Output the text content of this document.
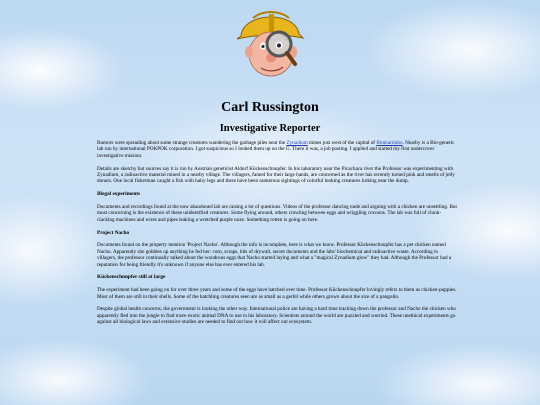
Carl Russington
Investigative Reporter

Rumors were spreading about some strange creatures wandering the garbage piles near the Zynadium mines just west of the capital of Bimbarimbo. Nearby is a Bio-genetic lab run by international POKPOK corporation. I got suspicious so I looked them up on the G. There it was, a job posting. I applied and started my first undercover investigative mission.

Details are sketchy but sources say it is run by Austrian geneticist Aldorf Kückenschnupfer. In his laboratory near the Picachaca river the Professor was experimenting with Zynadium, a radioactive material mined in a nearby village. The villagers, famed for their large hands, are concerned as the river has recently turned pink and smells of jelly donuts. One local fisherman caught a fish with hairy legs and there have been numerous sightings of colorful looking creatures lurking near the dump.

Illegal experiments

Documents and recordings found at the now abandoned lab are raising a lot of questions. Videos of the professor dancing nude and arguing with a chicken are unsettling. But most concerning is the existence of these unidentified creatures. Some flying around, others crawling between eggs and wriggling cocoons. The lab was full of clunk-clacking machines and wires and pipes leaking a wretched purple ooze. Something rotten is going on here.

Project Nacho

Documents found on the property mention 'Project Nacho'. Although the info is incomplete, here is what we know. Professor Kückenschnupfer has a pet chicken named Nacho. Apparently she gobbles up anything he fed her: corn, scraps, bits of drywall, secret documents and the labs' biochemical and radioactive waste. According to villagers, the professor continually talked about the wondrous eggs that Nacho started laying and what a "magical Zynadium glow" they had. Although the Professor had a reputation for being friendly it's unknown if anyone else has ever entered his lab.

Kückenschnupfer still at large

The experiment had been going on for over three years and some of the eggs have hatched over time. Professor Kückenschnupfer lovingly refers to them as chicken-puppies. Most of them are still in their shells. Some of the hatchling creatures seen are as small as a gerbil while others grown about the size of a pangolin.

Despite global health concerns, the government is looking the other way. International police are having a hard time tracking down the professor and Nacho the chicken who apparently fled into the jungle to find more exotic animal DNA to use in his laboratory. Scientists around the world are puzzled and worried. These unethical experiments go against all biological laws and extensive studies are needed to find out how it will affect our ecosystem.
